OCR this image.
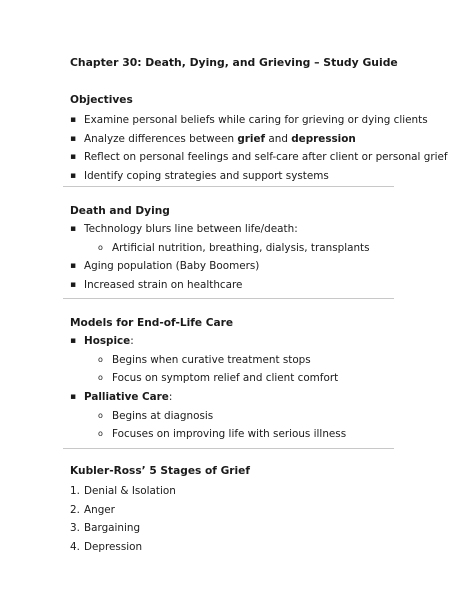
Chapter 30: Death, Dying, and Grieving – Study Guide
Objectives
▪ Examine personal beliefs while caring for grieving or dying clients
▪ Analyze differences between grief and depression
▪ Reflect on personal feelings and self-care after client or personal grief
▪ Identify coping strategies and support systems
Death and Dying
▪ Technology blurs line between life/death:
o Artificial nutrition, breathing, dialysis, transplants
▪ Aging population (Baby Boomers)
▪ Increased strain on healthcare
Models for End-of-Life Care
▪ Hospice:
o Begins when curative treatment stops
o Focus on symptom relief and client comfort
▪ Palliative Care:
o Begins at diagnosis
o Focuses on improving life with serious illness
Kubler-Ross’ 5 Stages of Grief
1. Denial & Isolation
2. Anger
3. Bargaining
4. Depression
